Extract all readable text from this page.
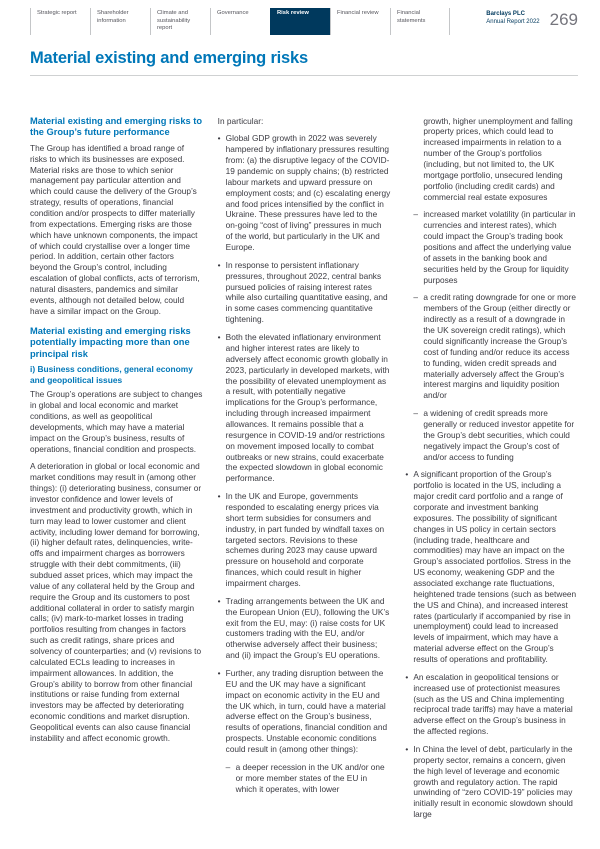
Strategic report	Shareholder information
Climate and sustainability report
Governance	Risk review	Financial review	Financial statements
Barclays PLC
Annual Report 2022 269
Material existing and emerging risks
Material existing and emerging risks to the Group’s future performance
The Group has identified a broad range of risks to which its businesses are exposed. Material risks are those to which senior management pay particular attention and which could cause the delivery of the Group’s strategy, results of operations, financial condition and/or prospects to differ materially from expectations. Emerging risks are those which have unknown components, the impact of which could crystallise over a longer time period. In addition, certain other factors beyond the Group’s control, including escalation of global conflicts, acts of terrorism, natural disasters, pandemics and similar events, although not detailed below, could have a similar impact on the Group.
Material existing and emerging risks potentially impacting more than one principal risk
i) Business conditions, general economy and geopolitical issues
The Group’s operations are subject to changes in global and local economic and market conditions, as well as geopolitical developments, which may have a material impact on the Group’s business, results of operations, financial condition and prospects.
A deterioration in global or local economic and market conditions may result in (among other things): (i) deteriorating business, consumer or investor confidence and lower levels of investment and productivity growth, which in turn may lead to lower customer and client activity, including lower demand for borrowing, (ii) higher default rates, delinquencies, write-offs and impairment charges as borrowers struggle with their debt commitments, (iii) subdued asset prices, which may impact the value of any collateral held by the Group and require the Group and its customers to post additional collateral in order to satisfy margin calls; (iv) mark-to-market losses in trading portfolios resulting from changes in factors such as credit ratings, share prices and solvency of counterparties; and (v) revisions to calculated ECLs leading to increases in impairment allowances. In addition, the Group’s ability to borrow from other financial institutions or raise funding from external investors may be affected by deteriorating economic conditions and market disruption. Geopolitical events can also cause financial instability and affect economic growth.
In particular:
• Global GDP growth in 2022 was severely hampered by inflationary pressures resulting from: (a) the disruptive legacy of the COVID-19 pandemic on supply chains; (b) restricted labour markets and upward pressure on employment costs; and (c) escalating energy and food prices intensified by the conflict in Ukraine. These pressures have led to the on-going “cost of living” pressures in much of the world, but particularly in the UK and Europe.
• In response to persistent inflationary pressures, throughout 2022, central banks pursued policies of raising interest rates while also curtailing quantitative easing, and in some cases commencing quantitative tightening.
• Both the elevated inflationary environment and higher interest rates are likely to adversely affect economic growth globally in 2023, particularly in developed markets, with the possibility of elevated unemployment as a result, with potentially negative implications for the Group’s performance, including through increased impairment allowances. It remains possible that a resurgence in COVID-19 and/or restrictions on movement imposed locally to combat outbreaks or new strains, could exacerbate the expected slowdown in global economic performance.
• In the UK and Europe, governments responded to escalating energy prices via short term subsidies for consumers and industry, in part funded by windfall taxes on targeted sectors. Revisions to these schemes during 2023 may cause upward pressure on household and corporate finances, which could result in higher impairment charges.
• Trading arrangements between the UK and the European Union (EU), following the UK’s exit from the EU, may: (i) raise costs for UK customers trading with the EU, and/or otherwise adversely affect their business; and (ii) impact the Group’s EU operations.
• Further, any trading disruption between the EU and the UK may have a significant impact on economic activity in the EU and the UK which, in turn, could have a material adverse effect on the Group’s business, results of operations, financial condition and prospects. Unstable economic conditions could result in (among other things):
– a deeper recession in the UK and/or one or more member states of the EU in which it operates, with lower
growth, higher unemployment and falling property prices, which could lead to increased impairments in relation to a number of the Group’s portfolios (including, but not limited to, the UK mortgage portfolio, unsecured lending portfolio (including credit cards) and commercial real estate exposures
– increased market volatility (in particular in currencies and interest rates), which could impact the Group’s trading book positions and affect the underlying value of assets in the banking book and securities held by the Group for liquidity purposes
– a credit rating downgrade for one or more members of the Group (either directly or indirectly as a result of a downgrade in the UK sovereign credit ratings), which could significantly increase the Group’s cost of funding and/or reduce its access to funding, widen credit spreads and materially adversely affect the Group’s interest margins and liquidity position and/or
– a widening of credit spreads more generally or reduced investor appetite for the Group’s debt securities, which could negatively impact the Group’s cost of and/or access to funding
• A significant proportion of the Group’s portfolio is located in the US, including a major credit card portfolio and a range of corporate and investment banking exposures. The possibility of significant changes in US policy in certain sectors (including trade, healthcare and commodities) may have an impact on the Group’s associated portfolios. Stress in the US economy, weakening GDP and the associated exchange rate fluctuations, heightened trade tensions (such as between the US and China), and increased interest rates (particularly if accompanied by rise in unemployment) could lead to increased levels of impairment, which may have a material adverse effect on the Group’s results of operations and profitability.
• An escalation in geopolitical tensions or increased use of protectionist measures (such as the US and China implementing reciprocal trade tariffs) may have a material adverse effect on the Group’s business in the affected regions.
• In China the level of debt, particularly in the property sector, remains a concern, given the high level of leverage and economic growth and regulatory action. The rapid unwinding of “zero COVID-19” policies may initially result in economic slowdown should large
